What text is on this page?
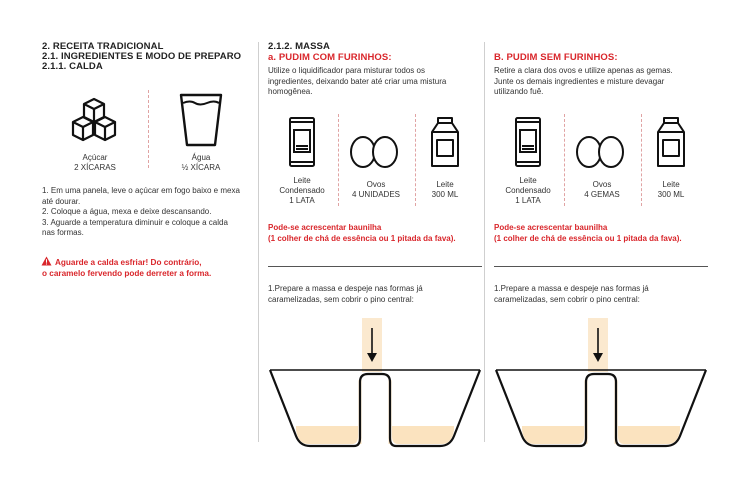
2. RECEITA TRADICIONAL
2.1. INGREDIENTES E MODO DE PREPARO
2.1.1. CALDA
Açúcar
2 XÍCARAS
Água
½ XÍCARA
1. Em uma panela, leve o açúcar em fogo baixo e mexa
até dourar.
2. Coloque a água, mexa e deixe descansando.
3. Aguarde a temperatura diminuir e coloque a calda
nas formas.
Aguarde a calda esfriar! Do contrário,
o caramelo fervendo pode derreter a forma.
2.1.2. MASSA
a. PUDIM COM FURINHOS:
Utilize o liquidificador para misturar todos os
ingredientes, deixando bater até criar uma mistura
homogênea.
Leite
Condensado
1 LATA
Ovos
4 UNIDADES
Leite
300 ML
Pode-se acrescentar baunilha
(1 colher de chá de essência ou 1 pitada da fava).
1.Prepare a massa e despeje nas formas já
caramelizadas, sem cobrir o pino central:
B. PUDIM SEM FURINHOS:
Retire a clara dos ovos e utilize apenas as gemas.
Junte os demais ingredientes e misture devagar
utilizando fuê.
Leite
Condensado
1 LATA
Ovos
4 GEMAS
Leite
300 ML
Pode-se acrescentar baunilha
(1 colher de chá de essência ou 1 pitada da fava).
1.Prepare a massa e despeje nas formas já
caramelizadas, sem cobrir o pino central:
